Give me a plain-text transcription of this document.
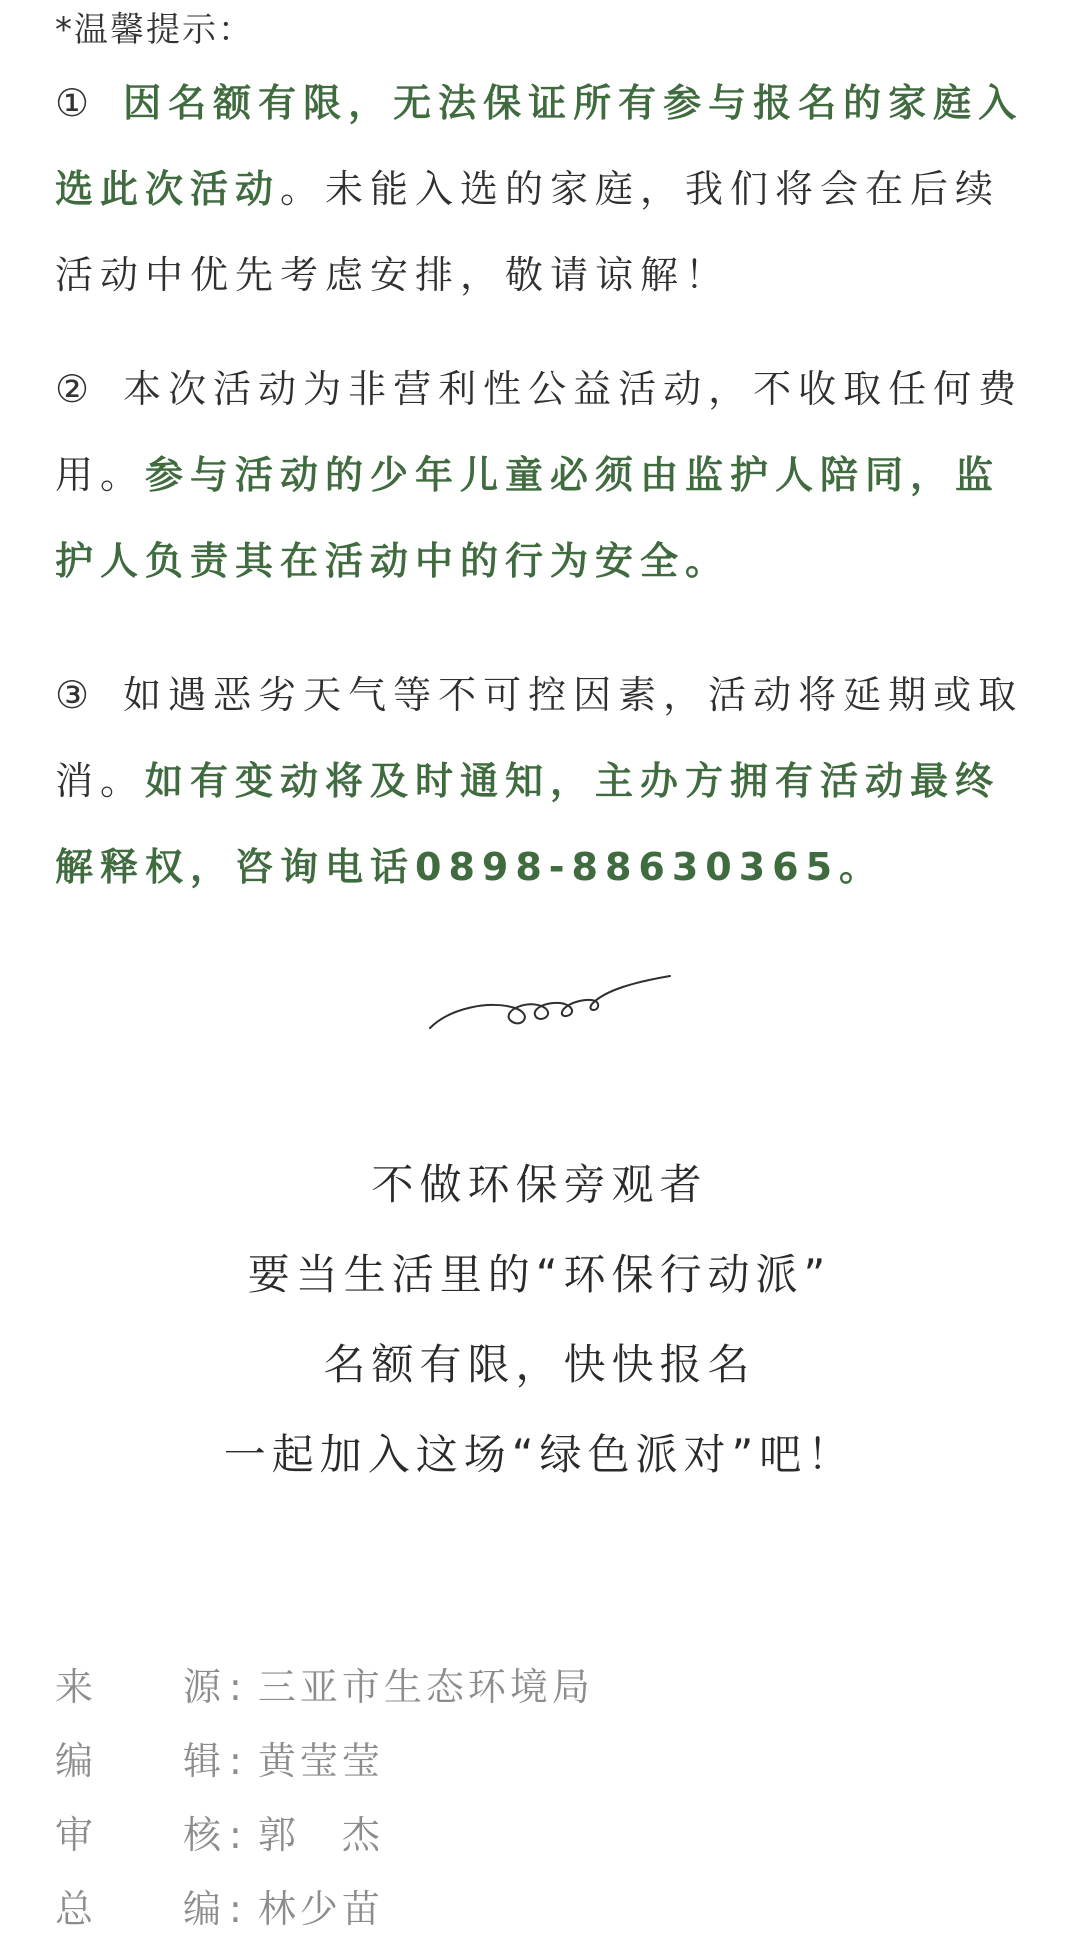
*温馨提示：
① 因名额有限，无法保证所有参与报名的家庭入选此次活动。未能入选的家庭，我们将会在后续活动中优先考虑安排，敬请谅解！
② 本次活动为非营利性公益活动，不收取任何费用。参与活动的少年儿童必须由监护人陪同，监护人负责其在活动中的行为安全。
③ 如遇恶劣天气等不可控因素，活动将延期或取消。如有变动将及时通知，主办方拥有活动最终解释权，咨询电话0898-88630365。
不做环保旁观者
要当生活里的“环保行动派”
名额有限，快快报名
一起加入这场“绿色派对”吧！
来 源 : 三亚市生态环境局
编 辑 : 黄莹莹
审 核 : 郭　杰
总 编 : 林少苗
